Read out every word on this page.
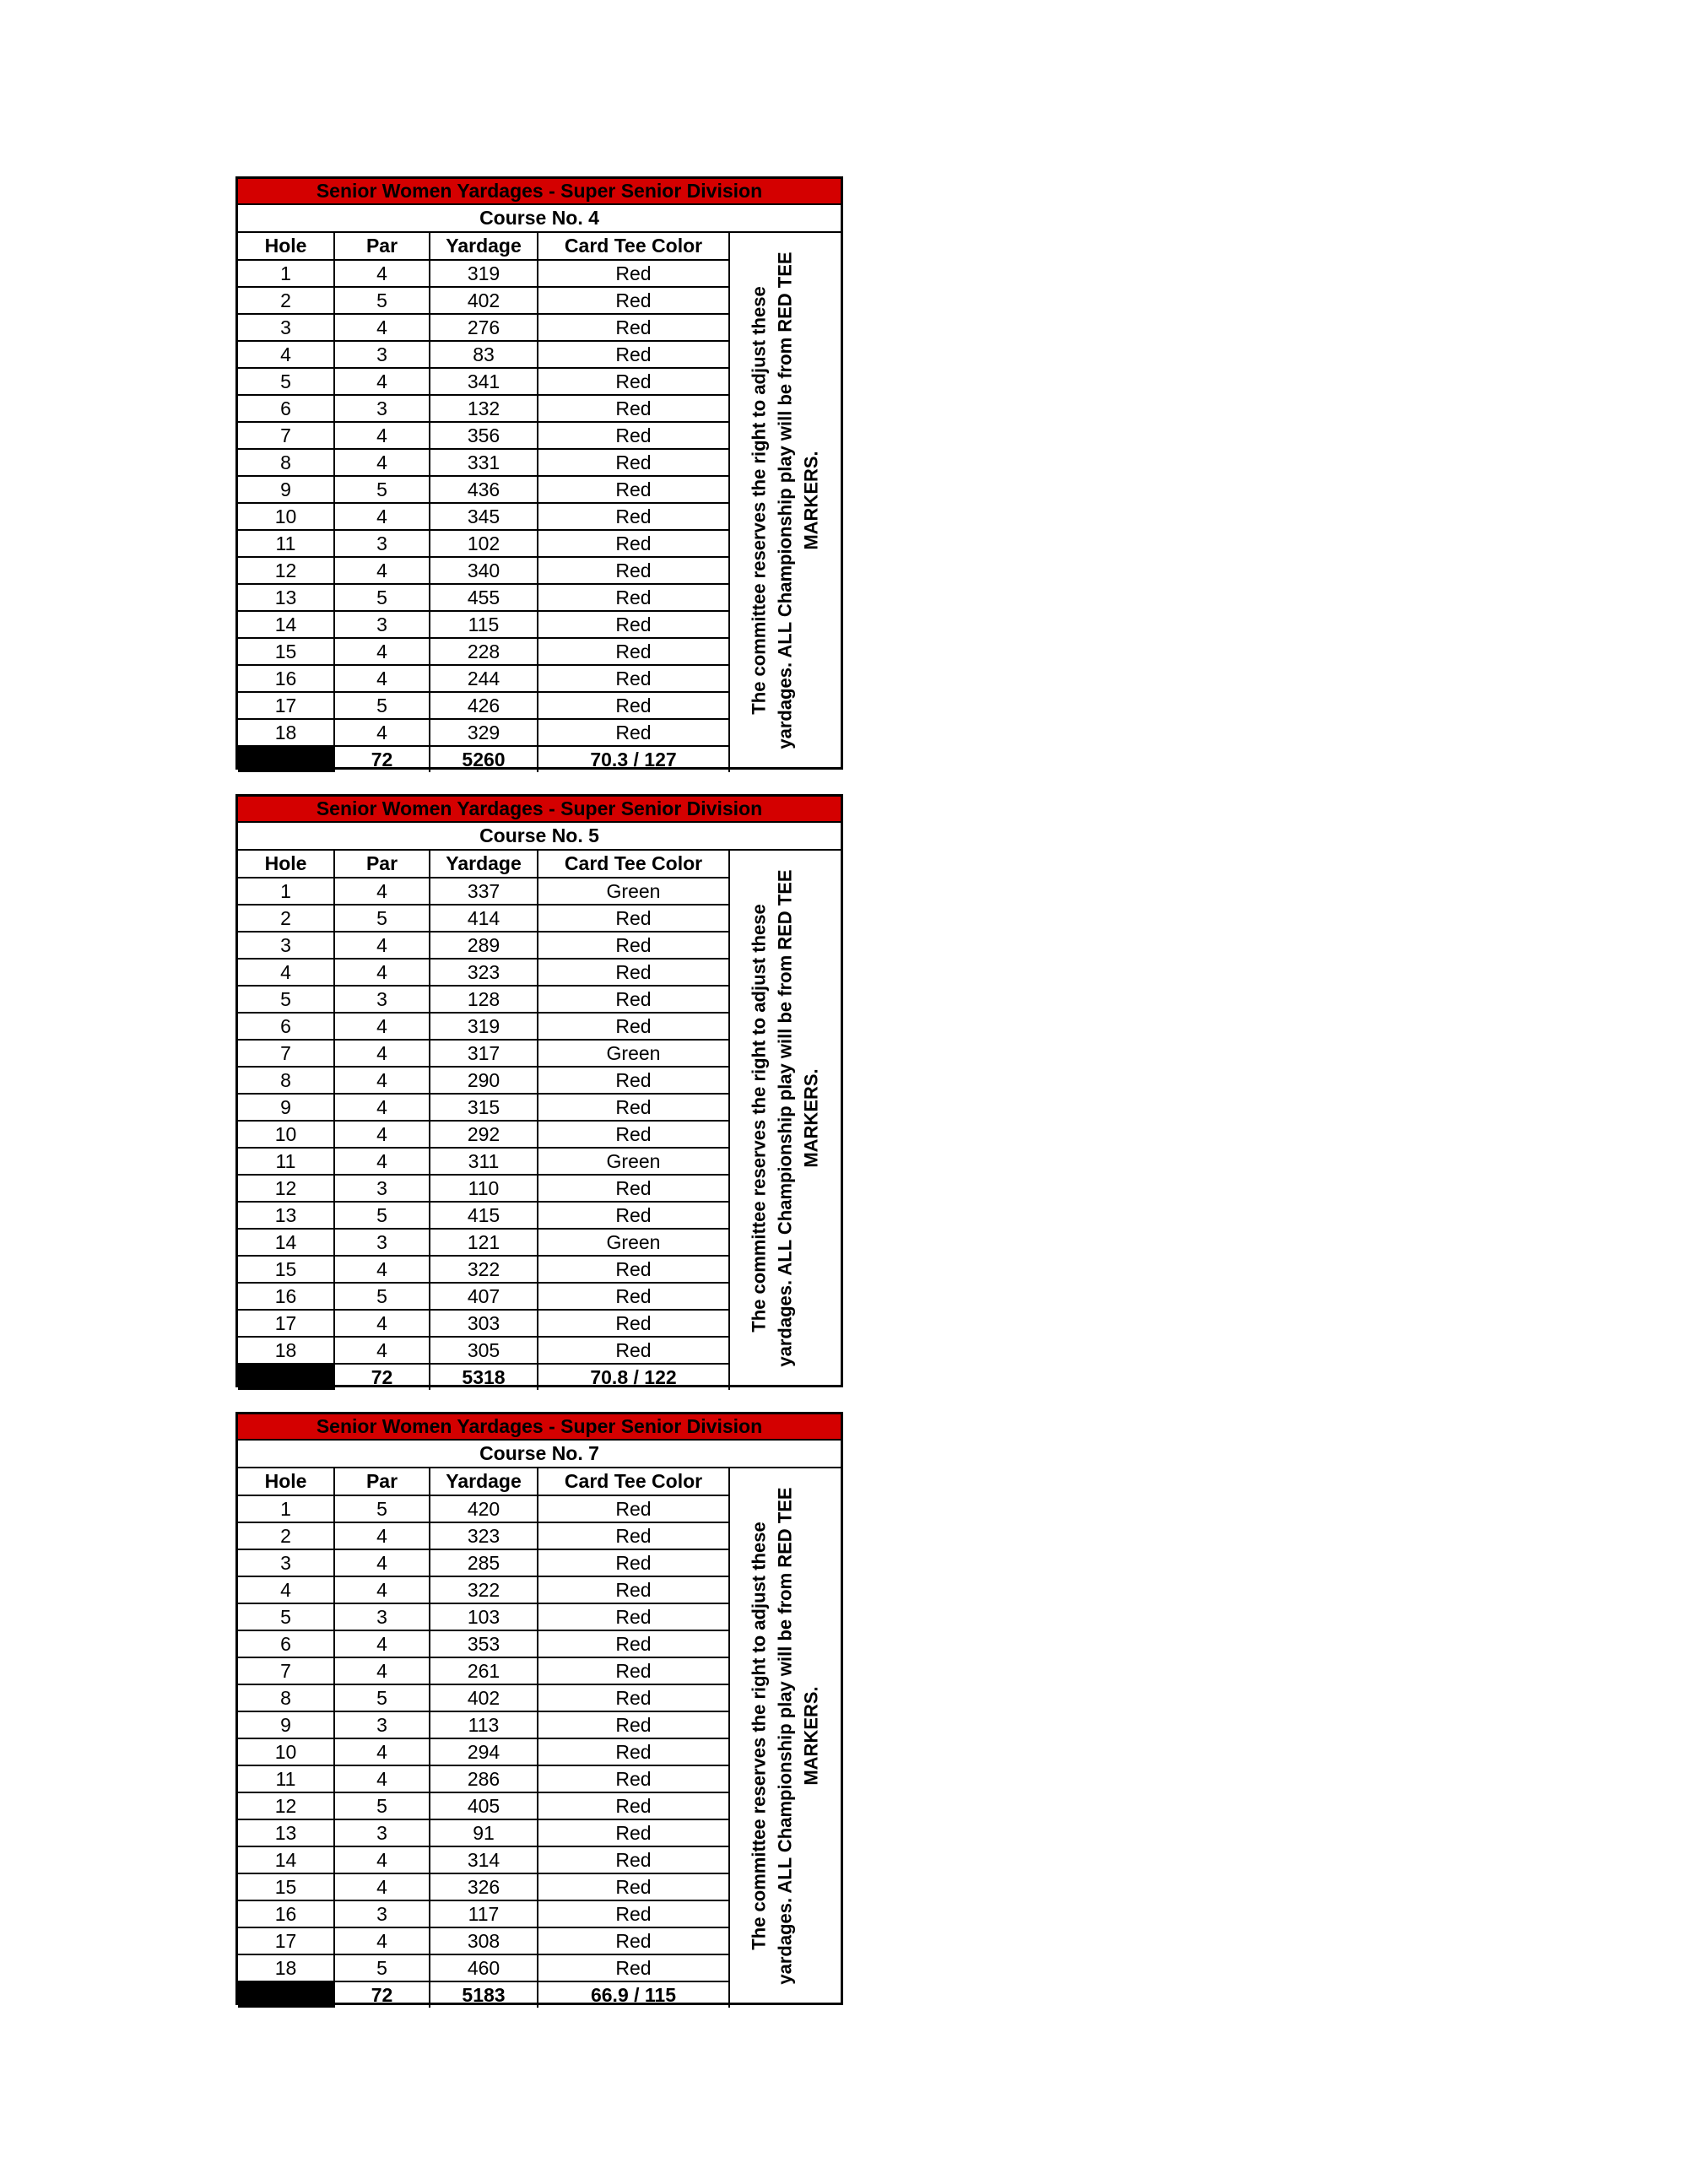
Senior Women Yardages - Super Senior Division
Course No. 4
Hole	Par	Yardage	Card Tee Color
1	4	319	Red
2	5	402	Red
3	4	276	Red
4	3	83	Red
5	4	341	Red
6	3	132	Red
7	4	356	Red
8	4	331	Red
9	5	436	Red
10	4	345	Red
11	3	102	Red
12	4	340	Red
13	5	455	Red
14	3	115	Red
15	4	228	Red
16	4	244	Red
17	5	426	Red
18	4	329	Red
	72	5260	70.3 / 127
The committee reserves the right to adjust these yardages. ALL Championship play will be from RED TEE MARKERS.
Senior Women Yardages - Super Senior Division
Course No. 5
Hole	Par	Yardage	Card Tee Color
1	4	337	Green
2	5	414	Red
3	4	289	Red
4	4	323	Red
5	3	128	Red
6	4	319	Red
7	4	317	Green
8	4	290	Red
9	4	315	Red
10	4	292	Red
11	4	311	Green
12	3	110	Red
13	5	415	Red
14	3	121	Green
15	4	322	Red
16	5	407	Red
17	4	303	Red
18	4	305	Red
	72	5318	70.8 / 122
The committee reserves the right to adjust these yardages. ALL Championship play will be from RED TEE MARKERS.
Senior Women Yardages - Super Senior Division
Course No. 7
Hole	Par	Yardage	Card Tee Color
1	5	420	Red
2	4	323	Red
3	4	285	Red
4	4	322	Red
5	3	103	Red
6	4	353	Red
7	4	261	Red
8	5	402	Red
9	3	113	Red
10	4	294	Red
11	4	286	Red
12	5	405	Red
13	3	91	Red
14	4	314	Red
15	4	326	Red
16	3	117	Red
17	4	308	Red
18	5	460	Red
	72	5183	66.9 / 115
The committee reserves the right to adjust these yardages. ALL Championship play will be from RED TEE MARKERS.
